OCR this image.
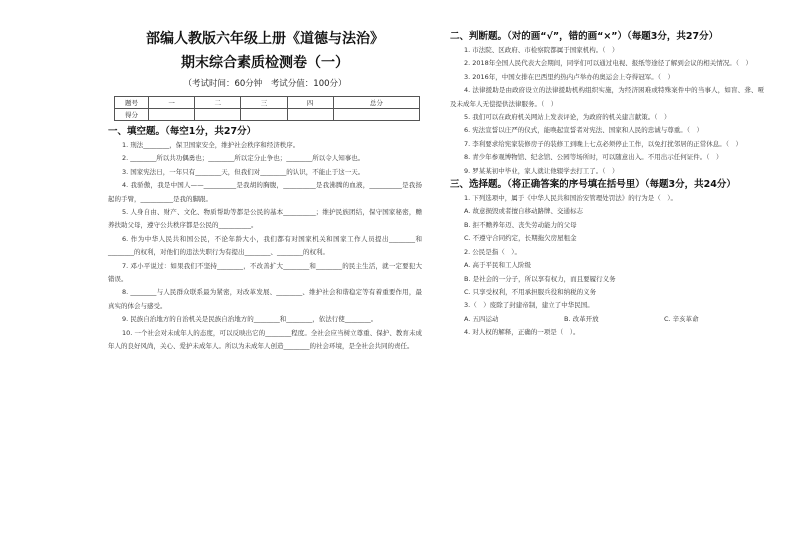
部编人教版六年级上册《道德与法治》
期末综合素质检测卷（一）
（考试时间：60分钟　考试分值：100分）
题号	一	二	三	四	总分
得分					
一、填空题。（每空1分，共27分）
1. 刑法________，保卫国家安全，维护社会秩序和经济秩序。
2. ________所以共功偶勇也；________所以定分止争也；________所以令人知事也。
3. 国家宪法日，一年只有________天，但我们对________的认识，不能止于这一天。
4. 我骄傲，我是中国人——__________是我胡的胸腹，__________是我沸腾的血液，__________是我扬起的手臂，__________是我的脚跟。
5. 人身自由、财产、文化、物质帮助等都是公民的基本__________；维护民族团结，保守国家秘密，赡养扶助父母，遵守公共秩序都是公民的__________。
6. 作为中华人民共和国公民，不论年龄大小，我们都有对国家机关和国家工作人员提出________和________的权利，对他们的违法失职行为有提出________、________的权利。
7. 邓小平说过：如果我们不坚持________，不改善扩大________和________的民主生活，就一定要犯大错误。
8. ________与人民群众联系最为紧密，对改革发展、________、维护社会和谐稳定等有着重要作用，最真实的体会与感受。
9. 民族自治地方的自治机关是民族自治地方的________和________，依法行使________。
10. 一个社会对未成年人的态度，可以反映出它的________程度。全社会应当树立尊重、保护、教育未成年人的良好风尚，关心、爱护未成年人。所以为未成年人创造________的社会环境，是全社会共同的责任。
二、判断题。（对的画“√”，错的画“×”）（每题3分，共27分）
1. 市法院、区政府、市检察院都属于国家机构。（　）
2. 2018年全国人民代表大会期间，同学们可以通过电视、报纸等途径了解到会议的相关情况。（　）
3. 2016年，中国女排在巴西里约热内卢举办的奥运会上夺得冠军。（　）
4. 法律援助是由政府设立的法律援助机构组织实施，为经济困难或特殊案件中的当事人，如盲、聋、哑及未成年人无偿提供法律服务。（　）
5. 我们可以在政府机关网站上发表评论，为政府的机关建言献策。（　）
6. 宪法宣誓以庄严的仪式，能唤起宣誓者对宪法、国家和人民的忠诚与尊重。（　）
7. 李利要求给宪家装修房子的装修工到晚上七点必须停止工作，以免打扰邻居的正常休息。（　）
8. 青少年参观博物馆、纪念馆、公园等场所时，可以随意出入。不用出示任何证件。（　）
9. 罗某某初中毕业，家人就让他辍学去打工了。（　）
三、选择题。（将正确答案的序号填在括号里）（每题3分，共24分）
1. 下列选项中，属于《中华人民共和国治安管理处罚法》的行为是（　）。
A. 故意损毁或者擅自移动路牌、交通标志
B. 拒不赡养年迈、丧失劳动能力的父母
C. 不遵守合同约定，长期拖欠房屋租金
2. 公民是指（　）。
A. 高于平民和工人阶级
B. 是社会的一分子，所以享有权力，而且要履行义务
C. 只享受权利，不用承担服兵役和纳税的义务
3.（　）废除了封建帝制，建立了中华民国。
A. 五四运动	B. 改革开放	C. 辛亥革命
4. 对人权的解释，正确的一项是（　）。
